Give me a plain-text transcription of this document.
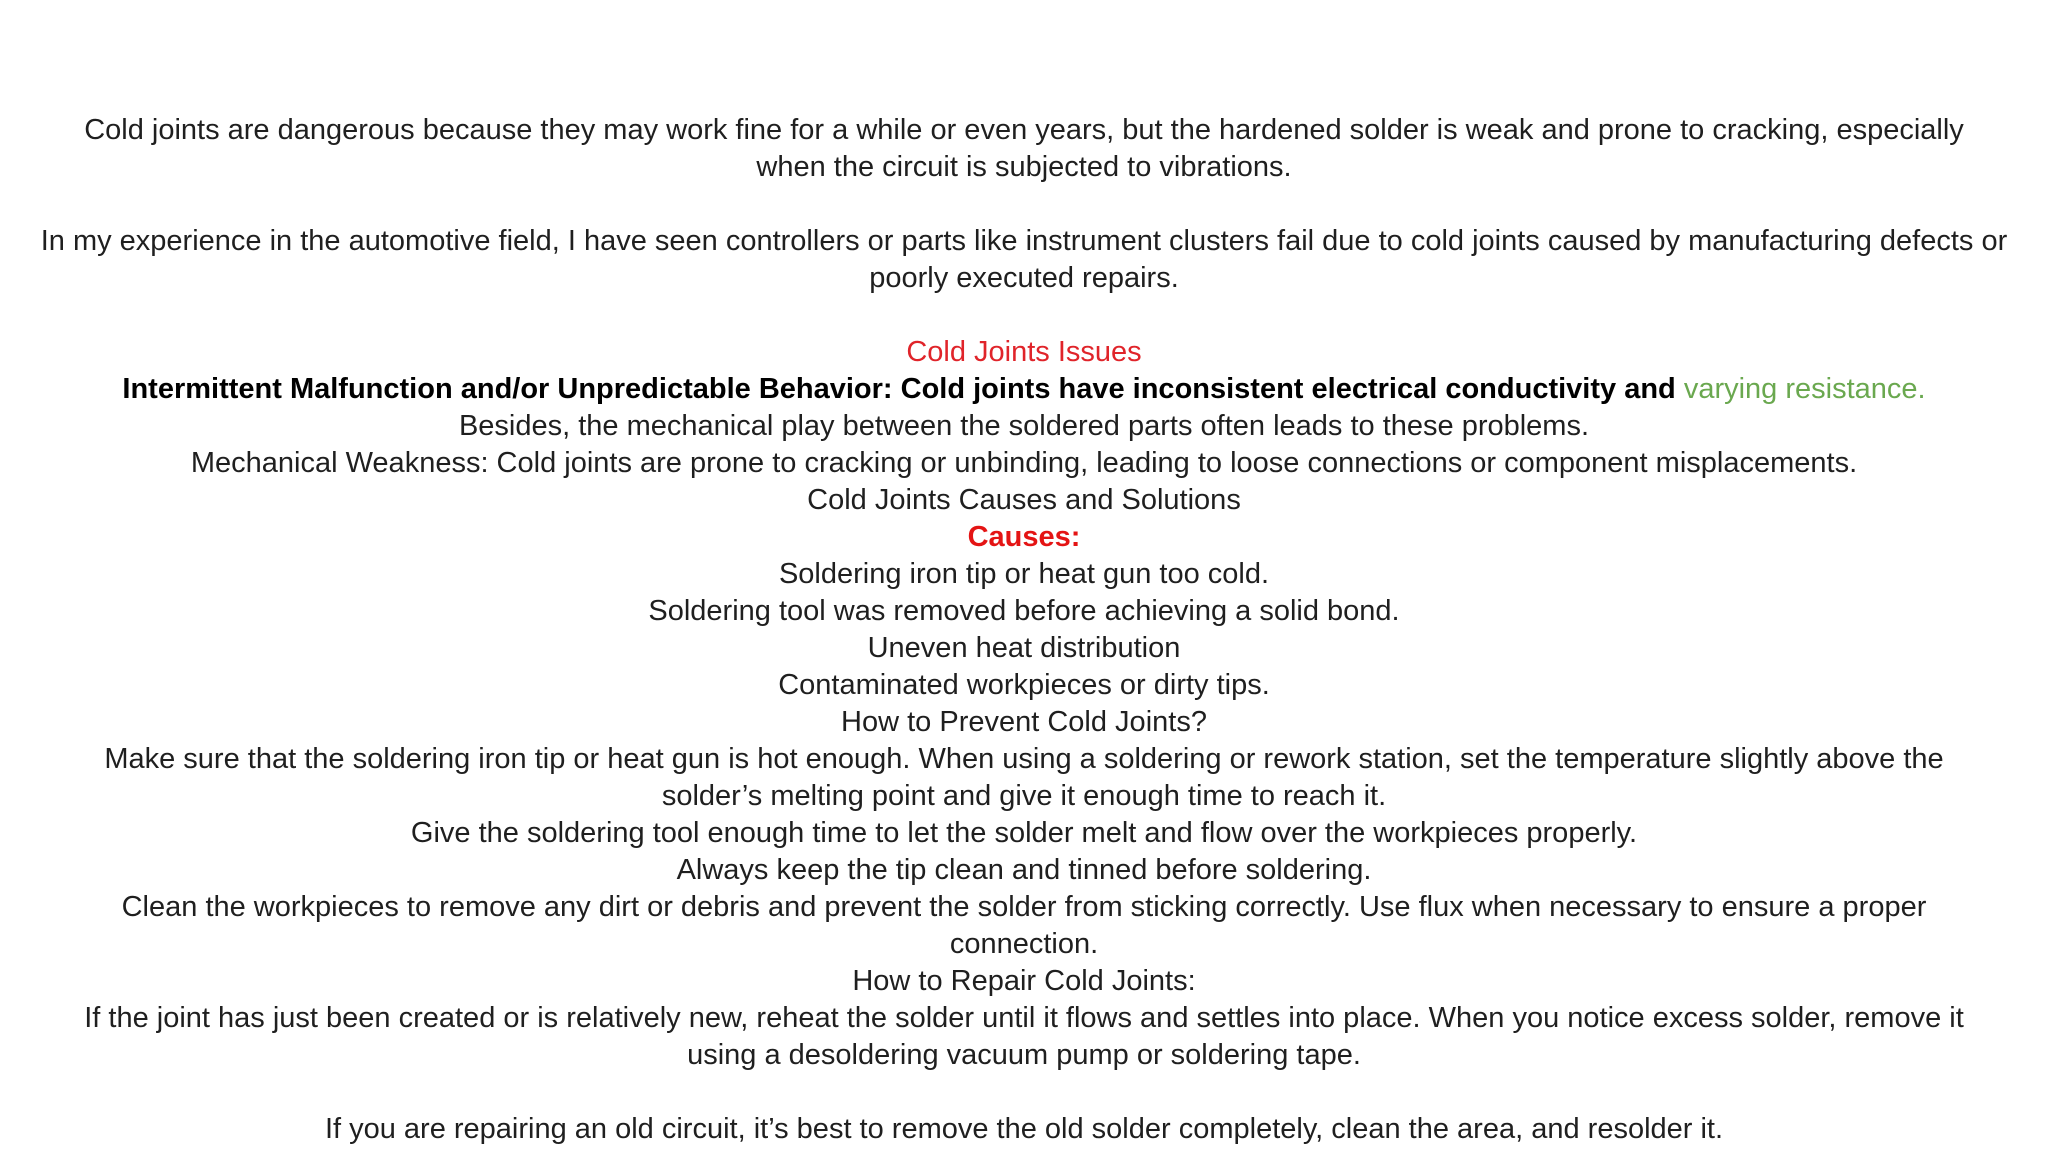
Cold joints are dangerous because they may work fine for a while or even years, but the hardened solder is weak and prone to cracking, especially when the circuit is subjected to vibrations.

In my experience in the automotive field, I have seen controllers or parts like instrument clusters fail due to cold joints caused by manufacturing defects or poorly executed repairs.

Cold Joints Issues

Intermittent Malfunction and/or Unpredictable Behavior: Cold joints have inconsistent electrical conductivity and varying resistance.

Besides, the mechanical play between the soldered parts often leads to these problems.

Mechanical Weakness: Cold joints are prone to cracking or unbinding, leading to loose connections or component misplacements.

Cold Joints Causes and Solutions

Causes:

Soldering iron tip or heat gun too cold.

Soldering tool was removed before achieving a solid bond.

Uneven heat distribution

Contaminated workpieces or dirty tips.

How to Prevent Cold Joints?

Make sure that the soldering iron tip or heat gun is hot enough. When using a soldering or rework station, set the temperature slightly above the solder’s melting point and give it enough time to reach it.

Give the soldering tool enough time to let the solder melt and flow over the workpieces properly.

Always keep the tip clean and tinned before soldering.

Clean the workpieces to remove any dirt or debris and prevent the solder from sticking correctly. Use flux when necessary to ensure a proper connection.

How to Repair Cold Joints:

If the joint has just been created or is relatively new, reheat the solder until it flows and settles into place. When you notice excess solder, remove it using a desoldering vacuum pump or soldering tape.

If you are repairing an old circuit, it’s best to remove the old solder completely, clean the area, and resolder it.
